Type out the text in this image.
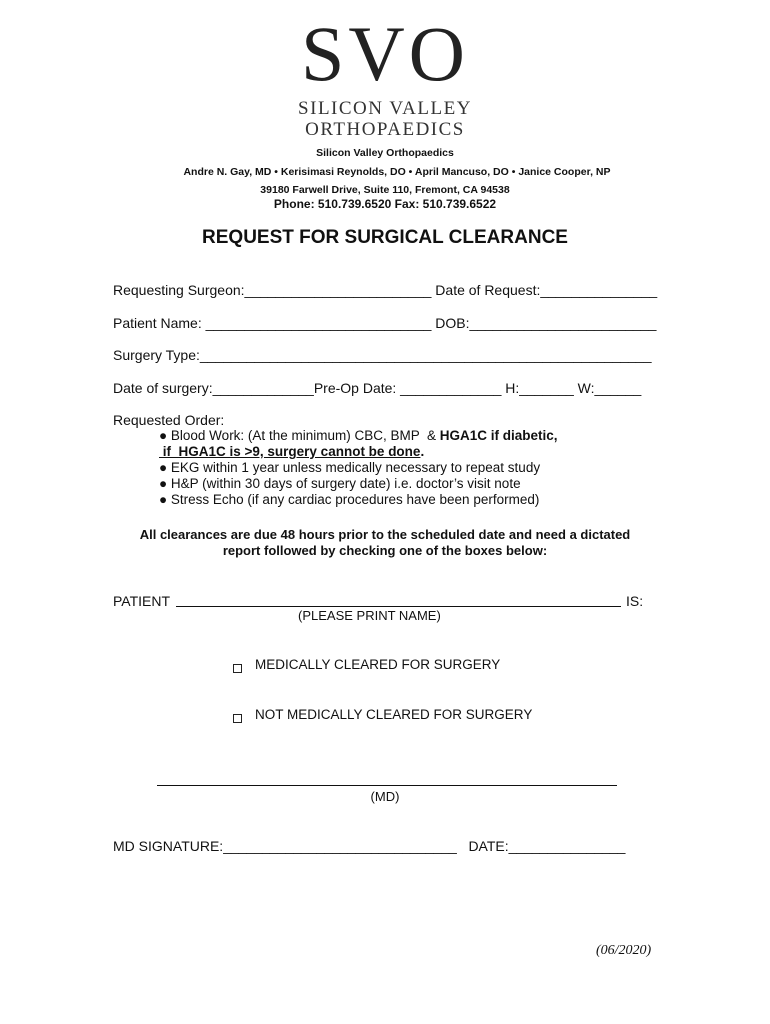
SVO
SILICON VALLEY
ORTHOPAEDICS
Silicon Valley Orthopaedics
Andre N. Gay, MD • Kerisimasi Reynolds, DO • April Mancuso, DO • Janice Cooper, NP
39180 Farwell Drive, Suite 110, Fremont, CA 94538
Phone: 510.739.6520 Fax: 510.739.6522
REQUEST FOR SURGICAL CLEARANCE
Requesting Surgeon:________________________ Date of Request:_______________
Patient Name: _____________________________ DOB:________________________
Surgery Type:__________________________________________________________
Date of surgery:_____________Pre-Op Date: _____________ H:_______ W:______
Requested Order:
● Blood Work: (At the minimum) CBC, BMP  & HGA1C if diabetic,
if  HGA1C is >9, surgery cannot be done.
● EKG within 1 year unless medically necessary to repeat study
● H&P (within 30 days of surgery date) i.e. doctor’s visit note
● Stress Echo (if any cardiac procedures have been performed)
All clearances are due 48 hours prior to the scheduled date and need a dictated
report followed by checking one of the boxes below:
PATIENT	IS:
(PLEASE PRINT NAME)
MEDICALLY CLEARED FOR SURGERY
NOT MEDICALLY CLEARED FOR SURGERY
(MD)
MD SIGNATURE:______________________________   DATE:_______________
(06/2020)
